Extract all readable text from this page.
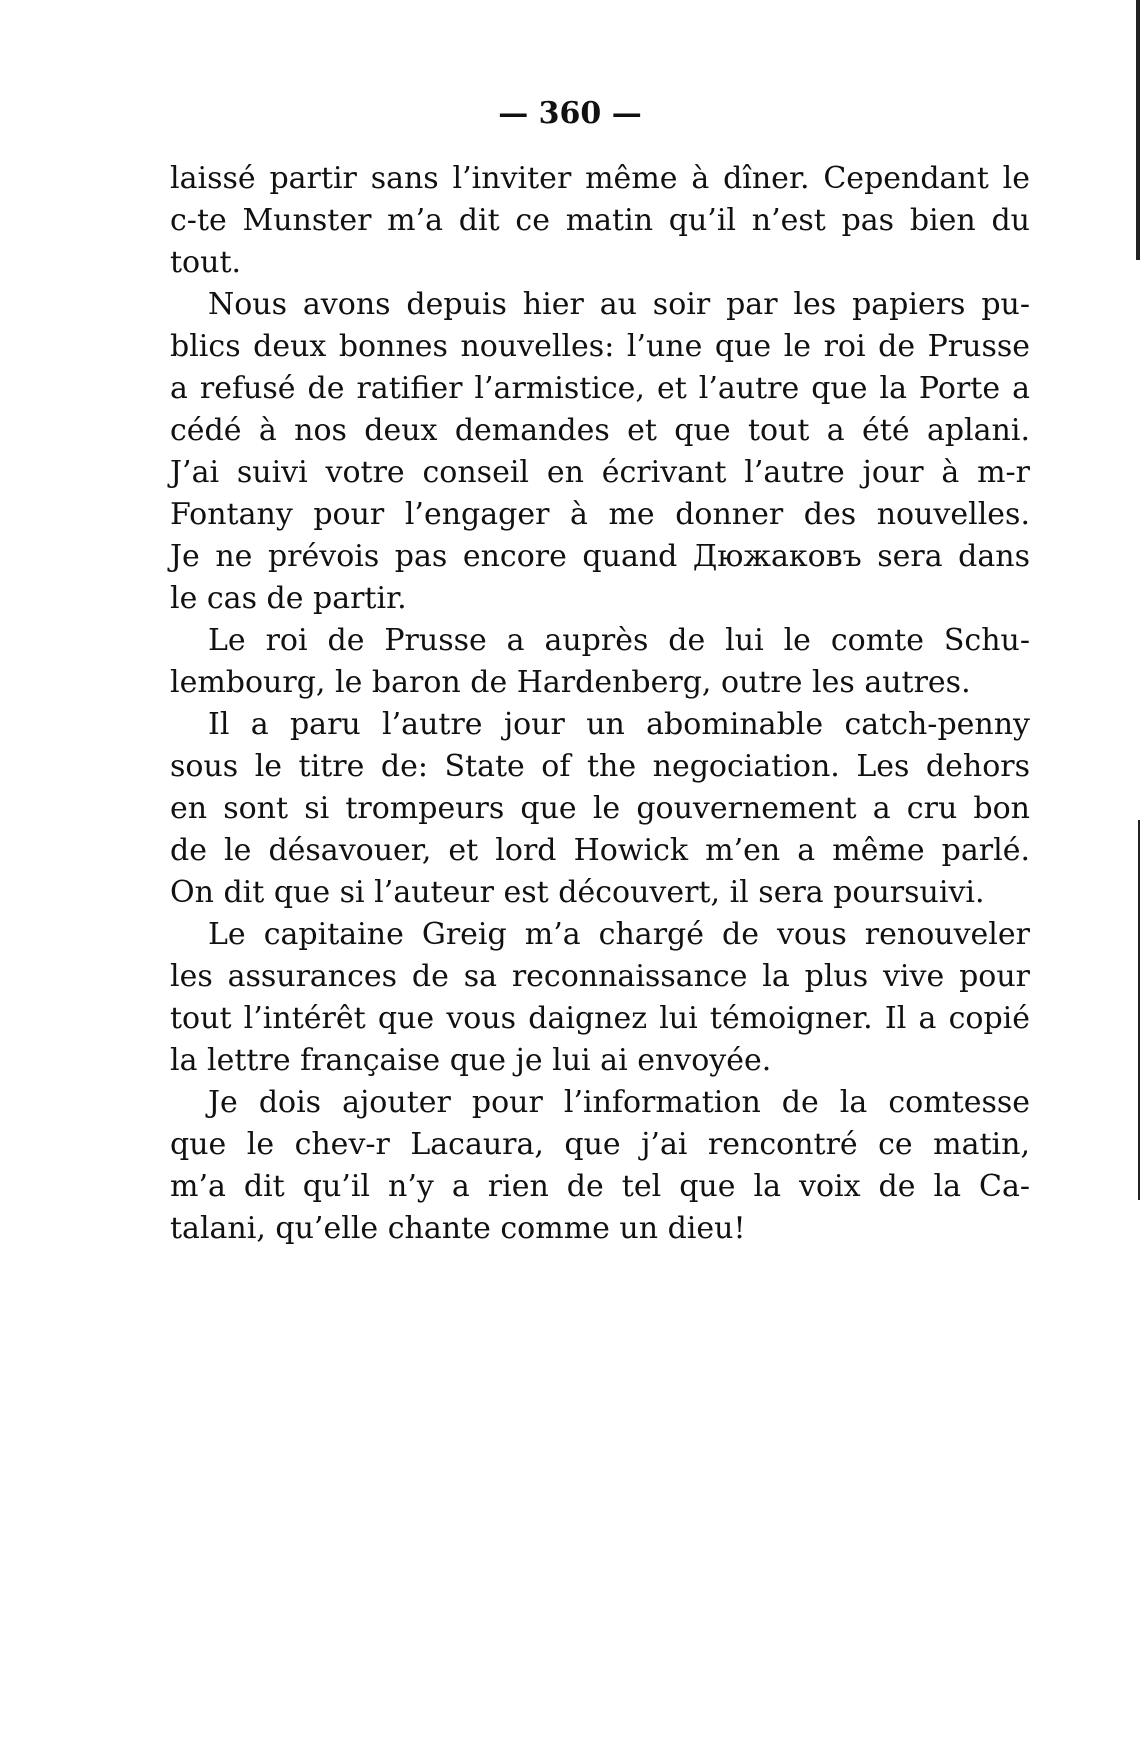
— 360 —
laissé partir sans l’inviter même à dîner. Cependant le
c-te Munster m’a dit ce matin qu’il n’est pas bien du
tout.
Nous avons depuis hier au soir par les papiers pu-
blics deux bonnes nouvelles: l’une que le roi de Prusse
a refusé de ratifier l’armistice, et l’autre que la Porte a
cédé à nos deux demandes et que tout a été aplani.
J’ai suivi votre conseil en écrivant l’autre jour à m-r
Fontany pour l’engager à me donner des nouvelles.
Je ne prévois pas encore quand Дюжаковъ sera dans
le cas de partir.
Le roi de Prusse a auprès de lui le comte Schu-
lembourg, le baron de Hardenberg, outre les autres.
Il a paru l’autre jour un abominable catch-penny
sous le titre de: State of the negociation. Les dehors
en sont si trompeurs que le gouvernement a cru bon
de le désavouer, et lord Howick m’en a même parlé.
On dit que si l’auteur est découvert, il sera poursuivi.
Le capitaine Greig m’a chargé de vous renouveler
les assurances de sa reconnaissance la plus vive pour
tout l’intérêt que vous daignez lui témoigner. Il a copié
la lettre française que je lui ai envoyée.
Je dois ajouter pour l’information de la comtesse
que le chev-r Lacaura, que j’ai rencontré ce matin,
m’a dit qu’il n’y a rien de tel que la voix de la Ca-
talani, qu’elle chante comme un dieu!
